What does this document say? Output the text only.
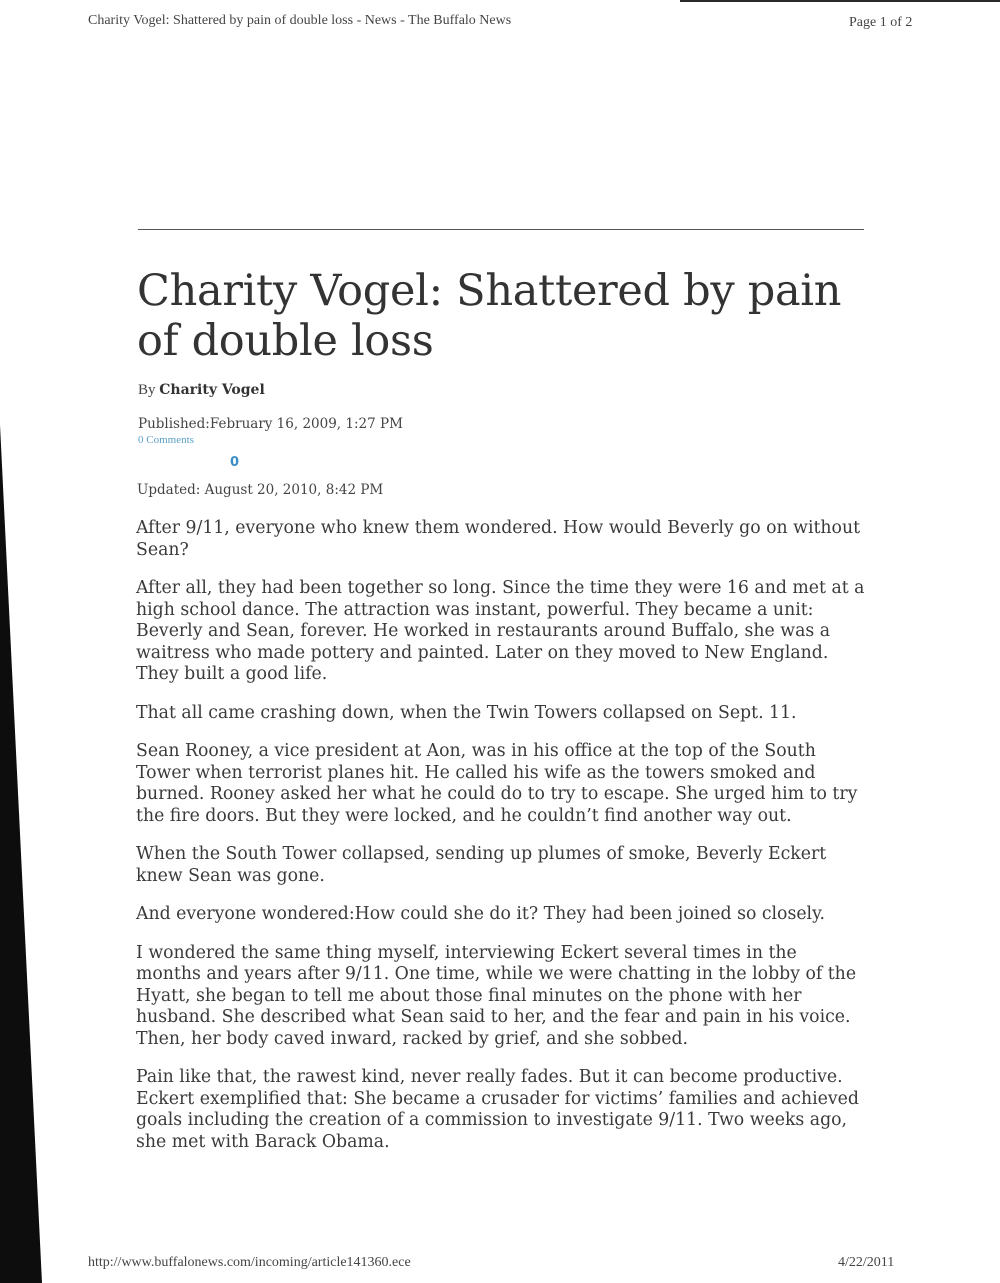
Charity Vogel: Shattered by pain of double loss - News - The Buffalo News	Page 1 of 2
Charity Vogel: Shattered by pain of double loss
By Charity Vogel
Published:February 16, 2009, 1:27 PM
0 Comments
0
Updated: August 20, 2010, 8:42 PM

After 9/11, everyone who knew them wondered. How would Beverly go on without Sean?

After all, they had been together so long. Since the time they were 16 and met at a high school dance. The attraction was instant, powerful. They became a unit: Beverly and Sean, forever. He worked in restaurants around Buffalo, she was a waitress who made pottery and painted. Later on they moved to New England. They built a good life.

That all came crashing down, when the Twin Towers collapsed on Sept. 11.

Sean Rooney, a vice president at Aon, was in his office at the top of the South Tower when terrorist planes hit. He called his wife as the towers smoked and burned. Rooney asked her what he could do to try to escape. She urged him to try the fire doors. But they were locked, and he couldn’t find another way out.

When the South Tower collapsed, sending up plumes of smoke, Beverly Eckert knew Sean was gone.

And everyone wondered:How could she do it? They had been joined so closely.

I wondered the same thing myself, interviewing Eckert several times in the months and years after 9/11. One time, while we were chatting in the lobby of the Hyatt, she began to tell me about those final minutes on the phone with her husband. She described what Sean said to her, and the fear and pain in his voice. Then, her body caved inward, racked by grief, and she sobbed.

Pain like that, the rawest kind, never really fades. But it can become productive. Eckert exemplified that: She became a crusader for victims’ families and achieved goals including the creation of a commission to investigate 9/11. Two weeks ago, she met with Barack Obama.

http://www.buffalonews.com/incoming/article141360.ece	4/22/2011
